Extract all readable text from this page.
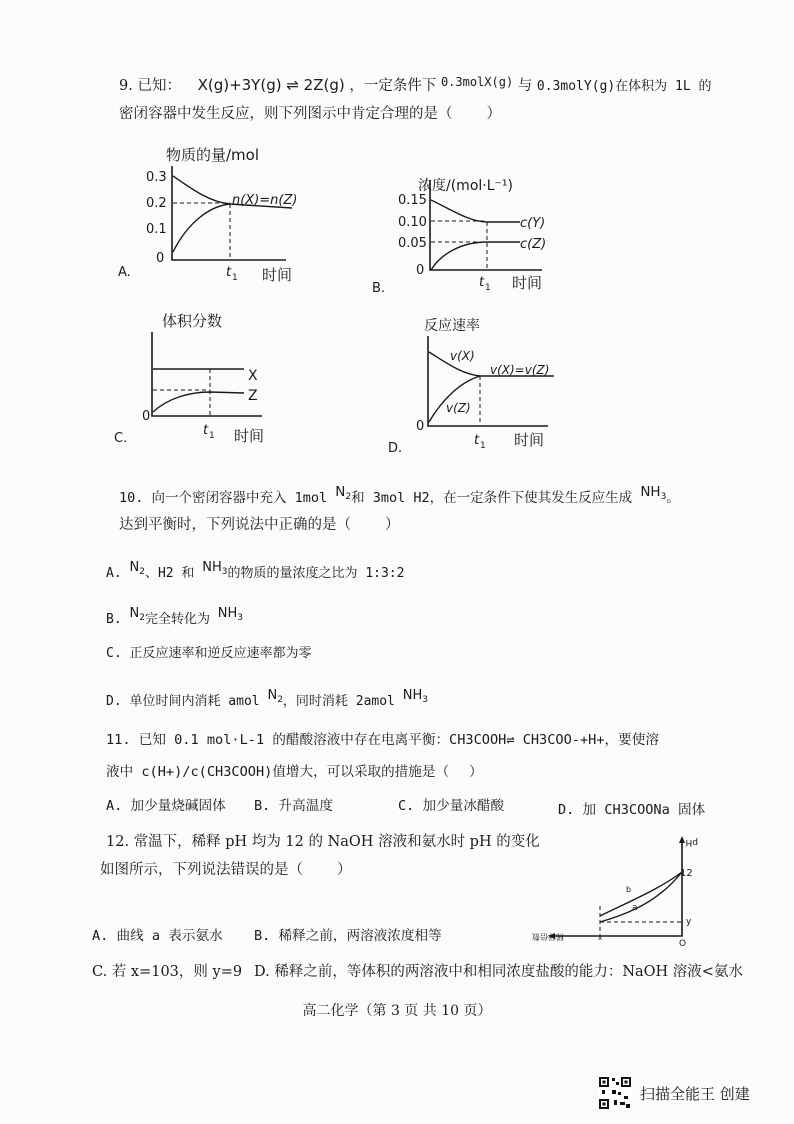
9. 已知： X(g)+3Y(g) ⇌ 2Z(g) ，一定条件下 $^{0.3molX(g)}$ 与 0.3molY(g)在体积为 1L 的
密闭容器中发生反应，则下列图示中肯定合理的是（ ）
A.
物质的量/mol
0.3
0.2
0.1
0
n(X)=n(Z)
t 1 时间
B.
浓度/(mol·L⁻¹)
0.15
0.10
0.05
0
c(Y)
c(Z)
t 1 时间
C.
体积分数
X
Z
0
t 1 时间
D.
反应速率
v(X)
v(Z)
v(X)=v(Z)
0
t 1 时间
10. 向一个密闭容器中充入 1mol $N_2$和 3mol H2，在一定条件下使其发生反应生成 $NH_3$。
达到平衡时，下列说法中正确的是（ ）
A. $N_2$、H2 和 $NH_3$的物质的量浓度之比为 1:3:2
B. $N_2$完全转化为 $NH_3$
C. 正反应速率和逆反应速率都为零
D. 单位时间内消耗 amol $N_2$，同时消耗 2amol $NH_3$
11. 已知 0.1 mol·L-1 的醋酸溶液中存在电离平衡：CH3COOH⇌ CH3COO-+H+，要使溶
液中 c(H+)/c(CH3COOH)值增大，可以采取的措施是（ ）
A. 加少量烧碱固体 B. 升高温度	C. 加少量冰醋酸	D. 加 CH3COONa 固体
12. 常温下，稀释 pH 均为 12 的 NaOH 溶液和氨水时 pH 的变化
如图所示，下列说法错误的是（ ）
pH
12
y
b
a
稀释倍数	x
O
A. 曲线 a 表示氨水 B. 稀释之前，两溶液浓度相等
C. 若 x=103，则 y=9 D. 稀释之前，等体积的两溶液中和相同浓度盐酸的能力：NaOH 溶液<氨水
高二化学（第 3 页 共 10 页）
扫描全能王 创建
